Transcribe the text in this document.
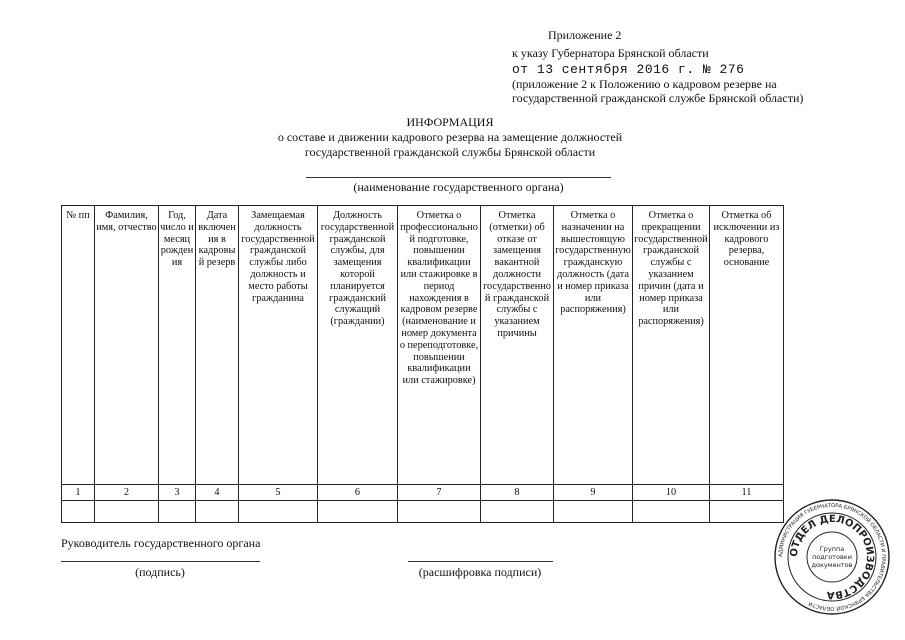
Приложение 2
к указу Губернатора Брянской области
от 13 сентября 2016 г. № 276
(приложение 2 к Положению о кадровом резерве на
государственной гражданской службе Брянской области)
ИНФОРМАЦИЯ
о составе и движении кадрового резерва на замещение должностей
государственной гражданской службы Брянской области
(наименование государственного органа)
№ пп	Фамилия, имя, отчество	Год, число и месяц рождения	Дата включения в кадровый резерв	Замещаемая должность государственной гражданской службы либо должность и место работы гражданина	Должность государственной гражданской службы, для замещения которой планируется гражданский служащий (граждании)	Отметка о профессиональной подготовке, повышении квалификации или стажировке в период нахождения в кадровом резерве (наименование и номер документа о переподготовке, повышении квалификации или стажировке)	Отметка (отметки) об отказе от замещения вакантной должности государственной гражданской службы с указанием причины	Отметка о назначении на вышестоящую государственную гражданскую должность (дата и номер приказа или распоряжения)	Отметка о прекращении государственной гражданской службы с указанием причин (дата и номер приказа или распоряжения)	Отметка об исключении из кадрового резерва, основание
1	2	3	4	5	6	7	8	9	10	11

Руководитель государственного органа
(подпись)	(расшифровка подписи)
АДМИНИСТРАЦИЯ ГУБЕРНАТОРА БРЯНСКОЙ ОБЛАСТИ И ПРАВИТЕЛЬСТВА БРЯНСКОЙ ОБЛАСТИ
ОТДЕЛ ДЕЛОПРОИЗВОДСТВА
Группа
подготовки
документов
